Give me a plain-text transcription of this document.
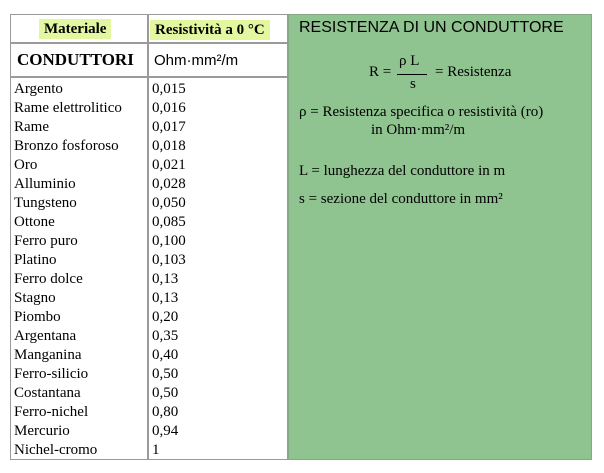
Materiale	Resistività a 0 °C
CONDUTTORI Ohm·mm²/m
Argento
Rame elettrolitico
Rame
Bronzo fosforoso
Oro
Alluminio
Tungsteno
Ottone
Ferro puro
Platino
Ferro dolce
Stagno
Piombo
Argentana
Manganina
Ferro-silicio
Costantana
Ferro-nichel
Mercurio
Nichel-cromo
0,015
0,016
0,017
0,018
0,021
0,028
0,050
0,085
0,100
0,103
0,13
0,13
0,20
0,35
0,40
0,50
0,50
0,80
0,94
1
RESISTENZA DI UN CONDUTTORE
R =
ρ L
s
= Resistenza
ρ = Resistenza specifica o resistività (ro)
in Ohm·mm²/m
L = lunghezza del conduttore in m
s = sezione del conduttore in mm²
